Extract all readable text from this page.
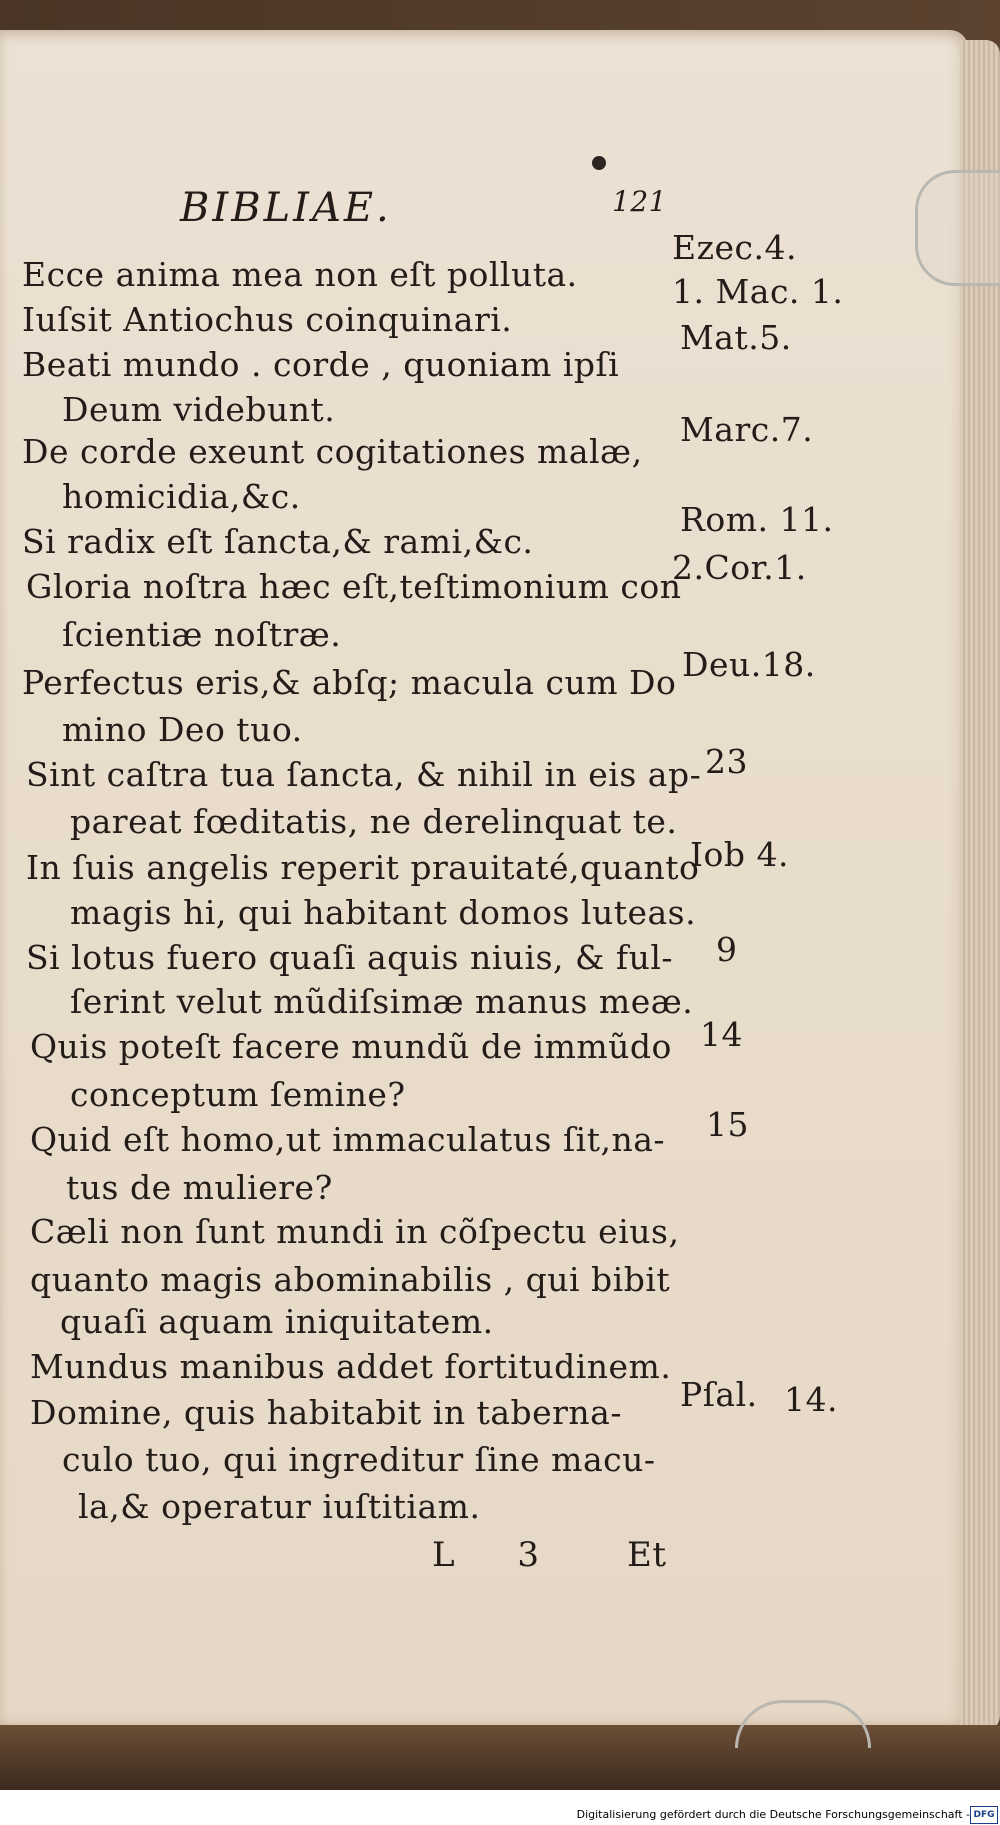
BIBLIAE.	121
Ecce anima mea non eſt polluta.
Iuſsit Antiochus coinquinari.
Beati mundo . corde , quoniam ipſi
Deum videbunt.
De corde exeunt cogitationes malæ,
homicidia,&c.
Si radix eſt ſancta,& rami,&c.
Gloria noſtra hæc eſt,teſtimonium con
ſcientiæ noſtræ.
Perfectus eris,& abſq; macula cum Do
mino Deo tuo.
Sint caſtra tua ſancta, & nihil in eis ap-
pareat fœditatis, ne derelinquat te.
In ſuis angelis reperit prauitaté,quanto
magis hi, qui habitant domos luteas.
Si lotus fuero quaſi aquis niuis, & ful-
ſerint velut mũdiſsimæ manus meæ.
Quis poteſt facere mundũ de immũdo
conceptum ſemine?
Quid eſt homo,ut immaculatus ſit,na-
tus de muliere?
Cæli non ſunt mundi in cõſpectu eius,
quanto magis abominabilis , qui bibit
quaſi aquam iniquitatem.
Mundus manibus addet fortitudinem.
Domine, quis habitabit in taberna-
culo tuo, qui ingreditur ſine macu-
la,& operatur iuſtitiam.
Ezec.4.
1. Mac. 1.
Mat.5.
Marc.7.
Rom. 11.
2.Cor.1.
Deu.18.
23
Iob 4.
9
14
15
Pſal. 14.
L 3 Et
Digitalisierung gefördert durch die Deutsche Forschungsgemeinschaft - DFG
